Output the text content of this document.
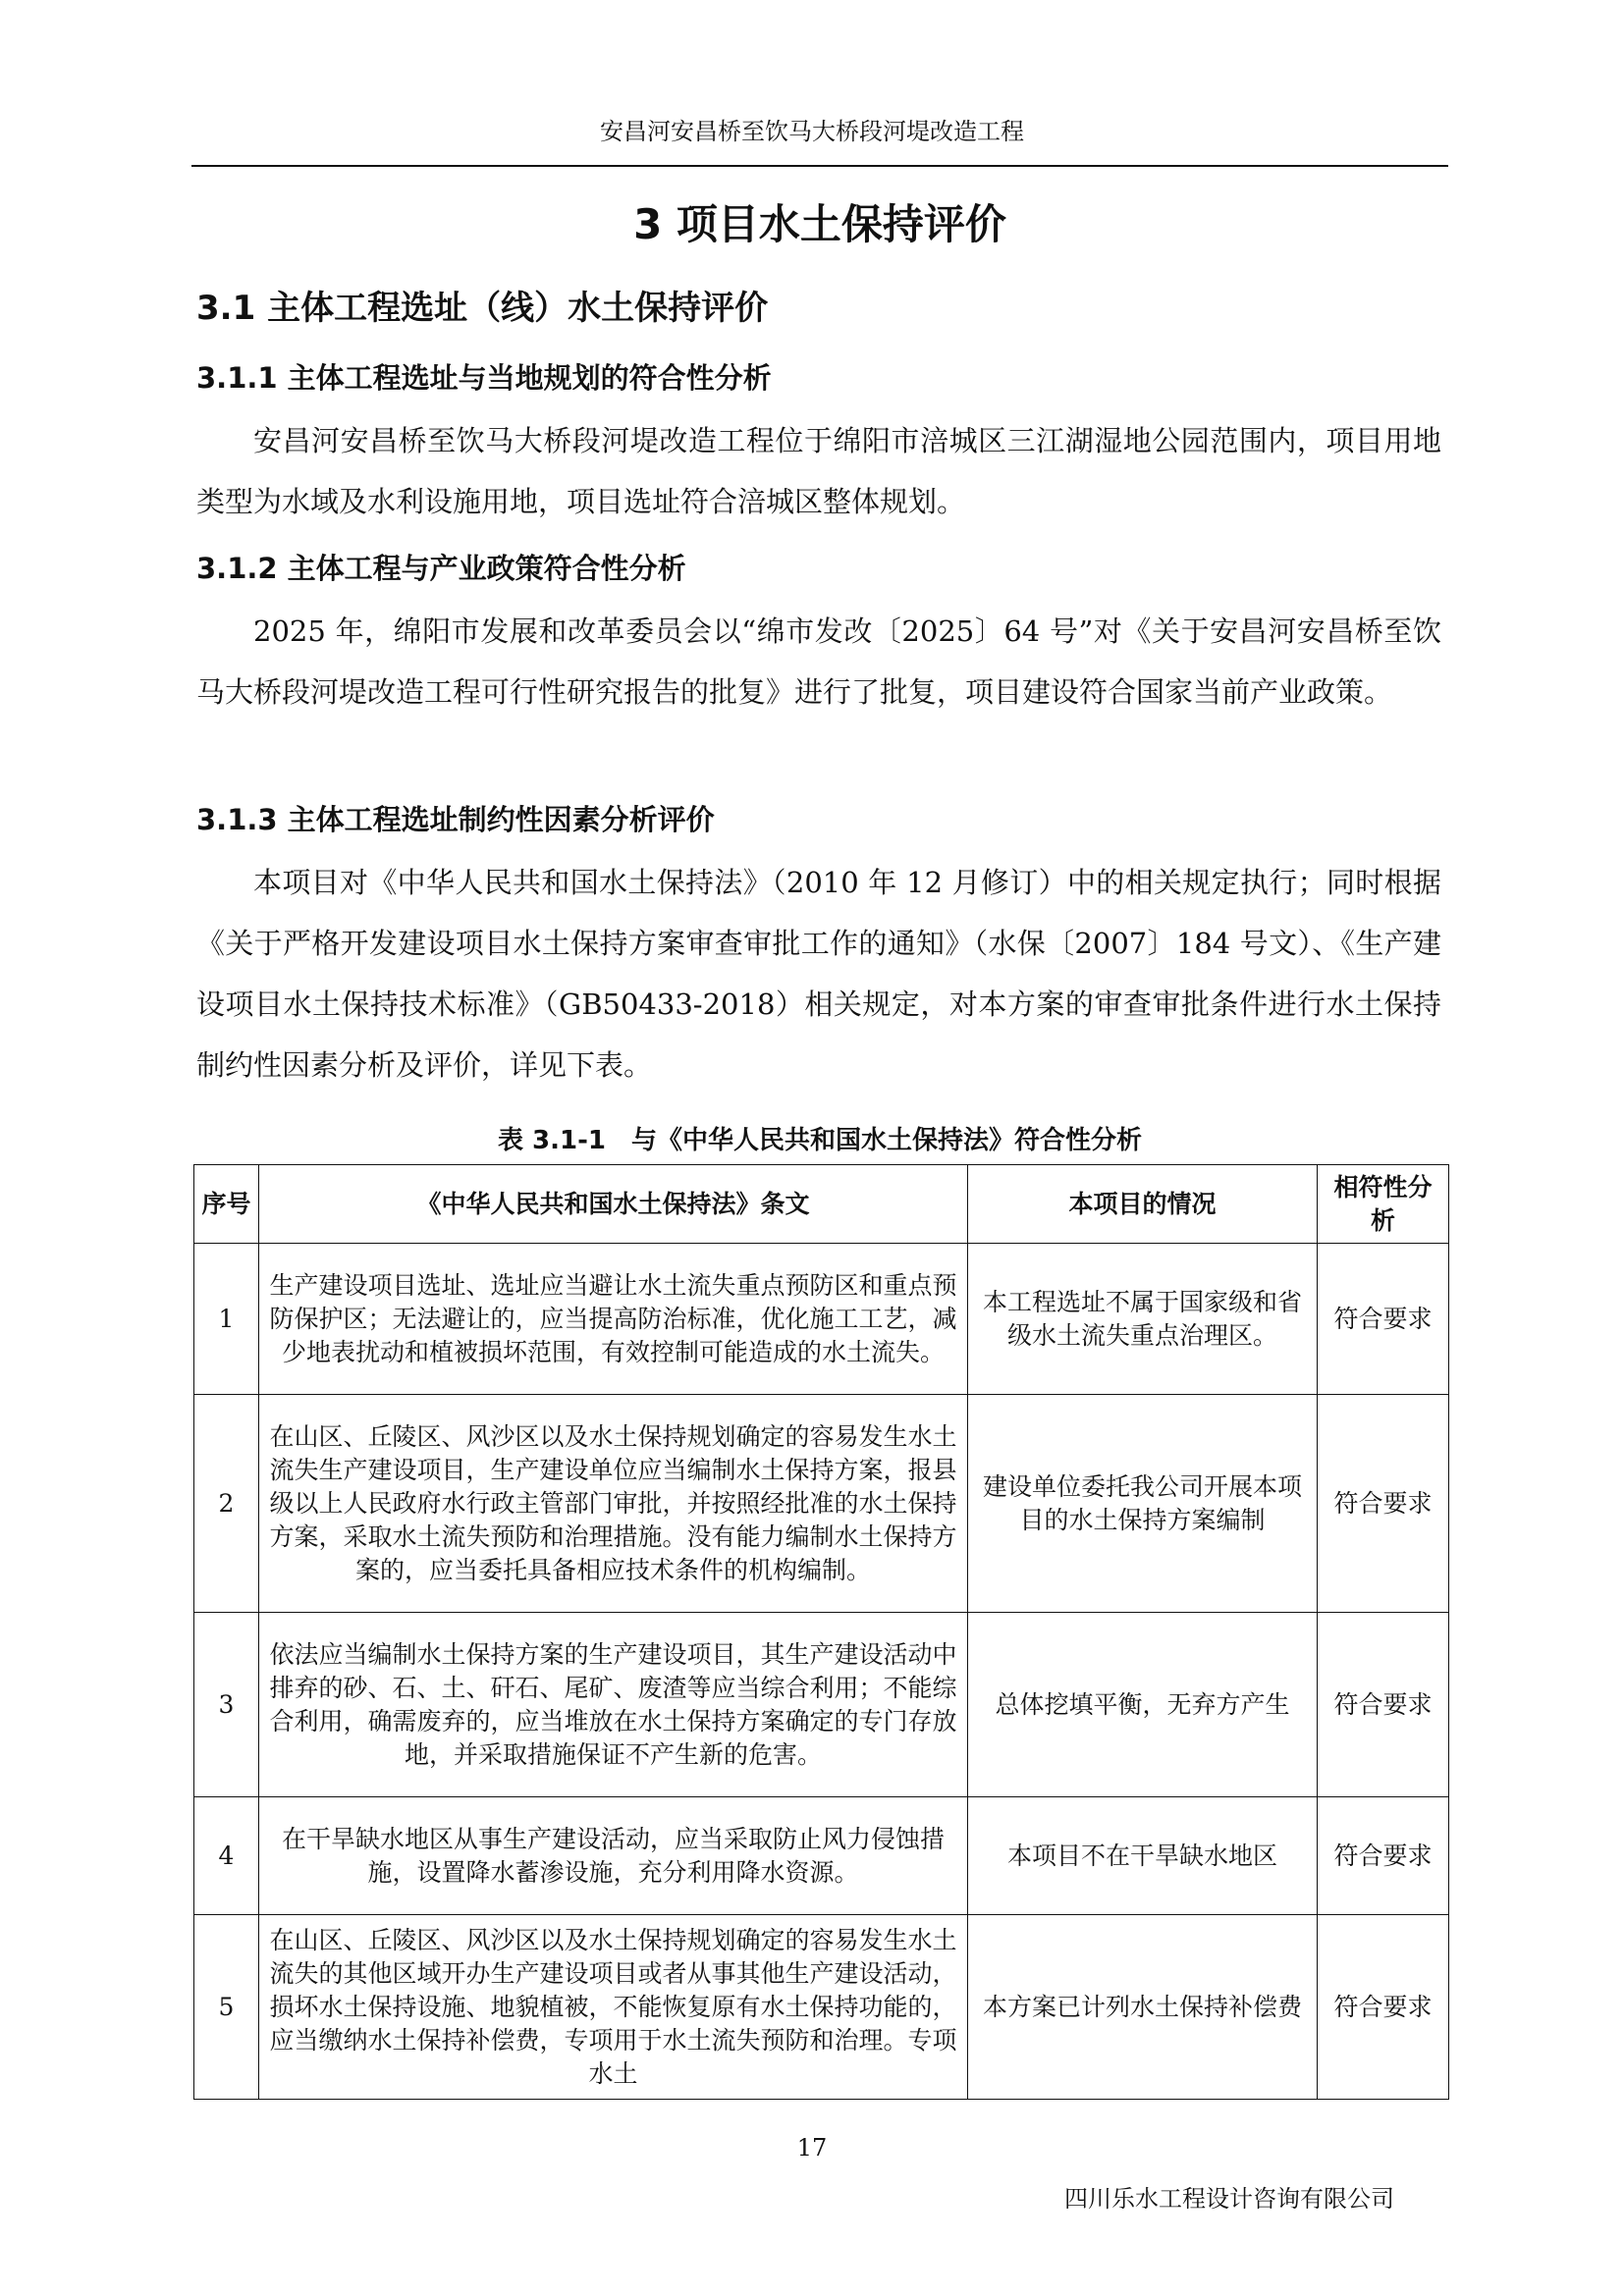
安昌河安昌桥至饮马大桥段河堤改造工程
3 项目水土保持评价
3.1 主体工程选址（线）水土保持评价
3.1.1 主体工程选址与当地规划的符合性分析

安昌河安昌桥至饮马大桥段河堤改造工程位于绵阳市涪城区三江湖湿地公园范围内，项目用地类型为水域及水利设施用地，项目选址符合涪城区整体规划。

3.1.2 主体工程与产业政策符合性分析

2025 年，绵阳市发展和改革委员会以“绵市发改〔2025〕64 号”对《关于安昌河安昌桥至饮马大桥段河堤改造工程可行性研究报告的批复》进行了批复，项目建设符合国家当前产业政策。

3.1.3 主体工程选址制约性因素分析评价

本项目对《中华人民共和国水土保持法》（2010 年 12 月修订）中的相关规定执行；同时根据《关于严格开发建设项目水土保持方案审查审批工作的通知》（水保〔2007〕184 号文）、《生产建设项目水土保持技术标准》（GB50433-2018）相关规定，对本方案的审查审批条件进行水土保持制约性因素分析及评价，详见下表。

表 3.1-1　与《中华人民共和国水土保持法》符合性分析
序号	《中华人民共和国水土保持法》条文	本项目的情况	相符性分析
1	生产建设项目选址、选址应当避让水土流失重点预防区和重点预防保护区；无法避让的，应当提高防治标准，优化施工工艺，减少地表扰动和植被损坏范围，有效控制可能造成的水土流失。	本工程选址不属于国家级和省级水土流失重点治理区。	符合要求
2	在山区、丘陵区、风沙区以及水土保持规划确定的容易发生水土流失生产建设项目，生产建设单位应当编制水土保持方案，报县级以上人民政府水行政主管部门审批，并按照经批准的水土保持方案，采取水土流失预防和治理措施。没有能力编制水土保持方案的，应当委托具备相应技术条件的机构编制。	建设单位委托我公司开展本项目的水土保持方案编制	符合要求
3	依法应当编制水土保持方案的生产建设项目，其生产建设活动中排弃的砂、石、土、矸石、尾矿、废渣等应当综合利用；不能综合利用，确需废弃的，应当堆放在水土保持方案确定的专门存放地，并采取措施保证不产生新的危害。	总体挖填平衡，无弃方产生	符合要求
4	在干旱缺水地区从事生产建设活动，应当采取防止风力侵蚀措施，设置降水蓄渗设施，充分利用降水资源。	本项目不在干旱缺水地区	符合要求
5	在山区、丘陵区、风沙区以及水土保持规划确定的容易发生水土流失的其他区域开办生产建设项目或者从事其他生产建设活动，损坏水土保持设施、地貌植被，不能恢复原有水土保持功能的，应当缴纳水土保持补偿费，专项用于水土流失预防和治理。专项水土	本方案已计列水土保持补偿费	符合要求
17
四川乐水工程设计咨询有限公司
